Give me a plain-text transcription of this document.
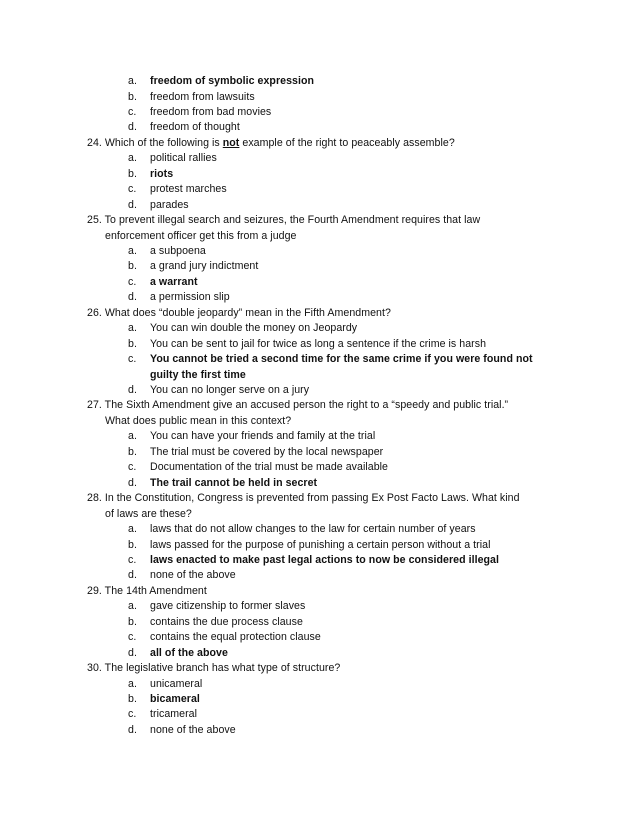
a. freedom of symbolic expression
b. freedom from lawsuits
c. freedom from bad movies
d. freedom of thought
24. Which of the following is not example of the right to peaceably assemble?
a. political rallies
b. riots
c. protest marches
d. parades
25. To prevent illegal search and seizures, the Fourth Amendment requires that law
enforcement officer get this from a judge
a. a subpoena
b. a grand jury indictment
c. a warrant
d. a permission slip
26. What does “double jeopardy” mean in the Fifth Amendment?
a. You can win double the money on Jeopardy
b. You can be sent to jail for twice as long a sentence if the crime is harsh
c. You cannot be tried a second time for the same crime if you were found not
guilty the first time
d. You can no longer serve on a jury
27. The Sixth Amendment give an accused person the right to a “speedy and public trial.”
What does public mean in this context?
a. You can have your friends and family at the trial
b. The trial must be covered by the local newspaper
c. Documentation of the trial must be made available
d. The trail cannot be held in secret
28. In the Constitution, Congress is prevented from passing Ex Post Facto Laws. What kind
of laws are these?
a. laws that do not allow changes to the law for certain number of years
b. laws passed for the purpose of punishing a certain person without a trial
c. laws enacted to make past legal actions to now be considered illegal
d. none of the above
29. The 14th Amendment
a. gave citizenship to former slaves
b. contains the due process clause
c. contains the equal protection clause
d. all of the above
30. The legislative branch has what type of structure?
a. unicameral
b. bicameral
c. tricameral
d. none of the above
